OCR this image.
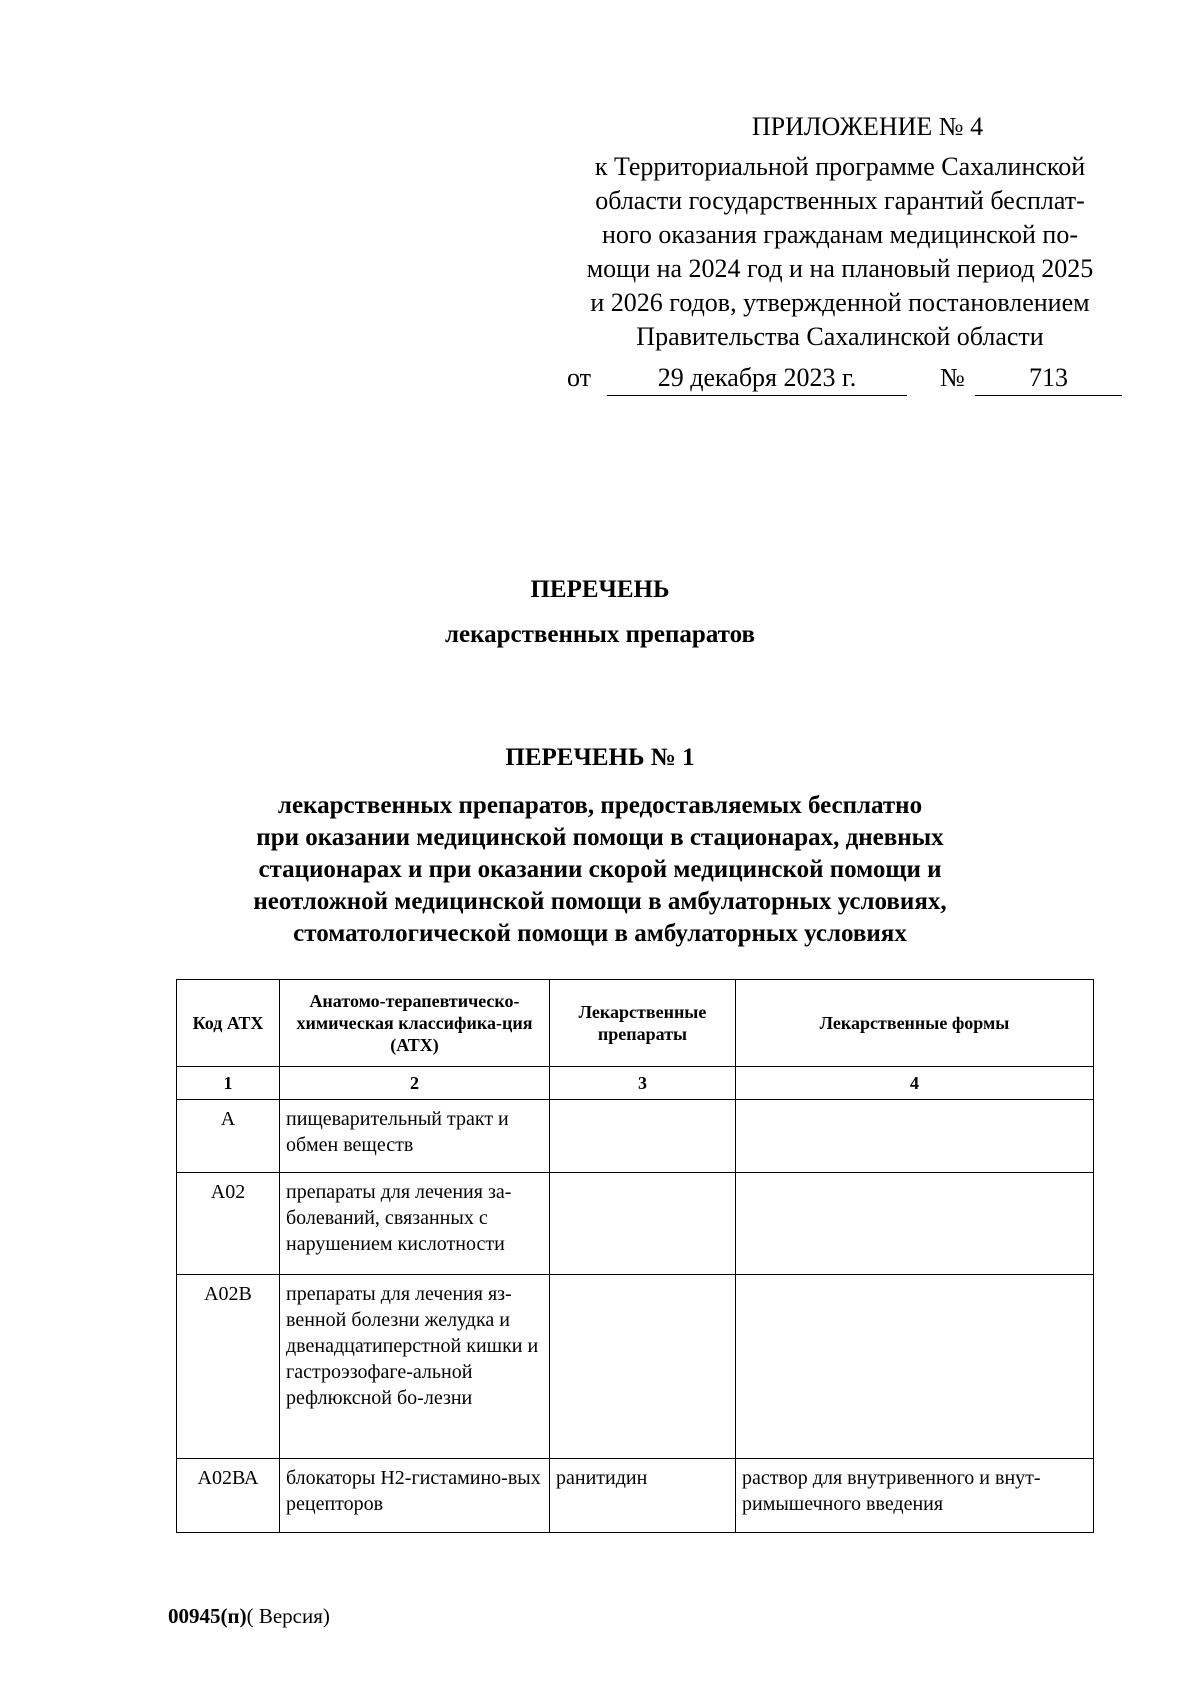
ПРИЛОЖЕНИЕ № 4
к Территориальной программе Сахалинской
области государственных гарантий бесплат-
ного оказания гражданам медицинской по-
мощи на 2024 год и на плановый период 2025
и 2026 годов, утвержденной постановлением
Правительства Сахалинской области
от	29 декабря 2023 г.	№	713
ПЕРЕЧЕНЬ
лекарственных препаратов
ПЕРЕЧЕНЬ № 1
лекарственных препаратов, предоставляемых бесплатно
при оказании медицинской помощи в стационарах, дневных
стационарах и при оказании скорой медицинской помощи и
неотложной медицинской помощи в амбулаторных условиях,
стоматологической помощи в амбулаторных условиях
Код АТХ	Анатомо-терапевтическо-химическая классифика-ция (АТХ)	Лекарственные препараты	Лекарственные формы
1	2	3	4
А	пищеварительный тракт и обмен веществ		
А02	препараты для лечения за-болеваний, связанных с нарушением кислотности		
А02В	препараты для лечения яз-венной болезни желудка и двенадцатиперстной кишки и гастроэзофаге-альной рефлюксной бо-лезни		
А02ВА	блокаторы Н2-гистамино-вых рецепторов	ранитидин	раствор для внутривенного и внут-римышечного введения
00945(п)( Версия)
